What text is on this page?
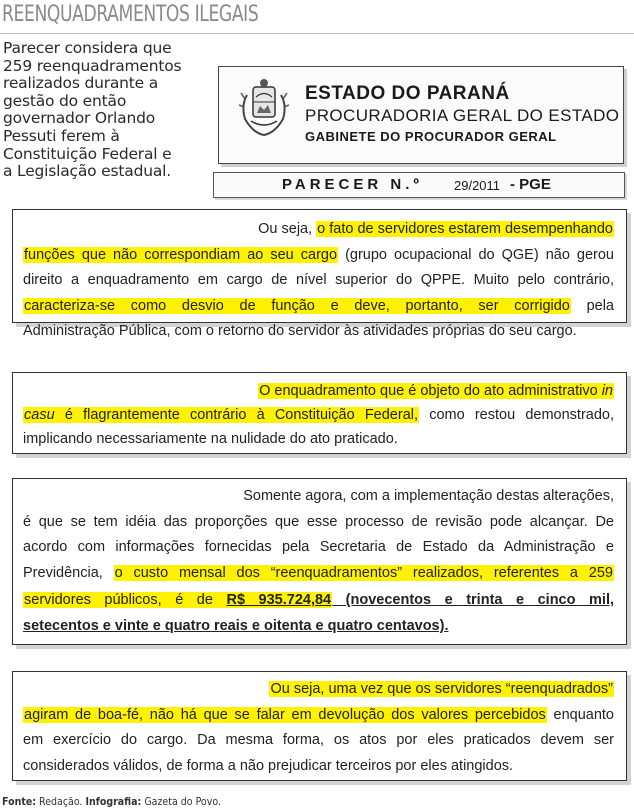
REENQUADRAMENTOS ILEGAIS
Parecer considera que
259 reenquadramentos
realizados durante a
gestão do então
governador Orlando
Pessuti ferem à
Constituição Federal e
a Legislação estadual.
ESTADO DO PARANÁ
PROCURADORIA GERAL DO ESTADO
GABINETE DO PROCURADOR GERAL
PARECER N.º 29/2011 - PGE
Ou seja, o fato de servidores estarem desempenhando
funções que não correspondiam ao seu cargo (grupo ocupacional do QGE) não gerou
direito a enquadramento em cargo de nível superior do QPPE. Muito pelo contrário,
caracteriza-se como desvio de função e deve, portanto, ser corrigido pela
Administração Pública, com o retorno do servidor às atividades próprias do seu cargo.
O enquadramento que é objeto do ato administrativo in
casu é flagrantemente contrário à Constituição Federal, como restou demonstrado,
implicando necessariamente na nulidade do ato praticado.
Somente agora, com a implementação destas alterações,
é que se tem idéia das proporções que esse processo de revisão pode alcançar. De
acordo com informações fornecidas pela Secretaria de Estado da Administração e
Previdência, o custo mensal dos “reenquadramentos” realizados, referentes a 259
servidores públicos, é de R$ 935.724,84 (novecentos e trinta e cinco mil,
setecentos e vinte e quatro reais e oitenta e quatro centavos).
Ou seja, uma vez que os servidores “reenquadrados”
agiram de boa-fé, não há que se falar em devolução dos valores percebidos enquanto
em exercício do cargo. Da mesma forma, os atos por eles praticados devem ser
considerados válidos, de forma a não prejudicar terceiros por eles atingidos.
Fonte: Redação. Infografia: Gazeta do Povo.
